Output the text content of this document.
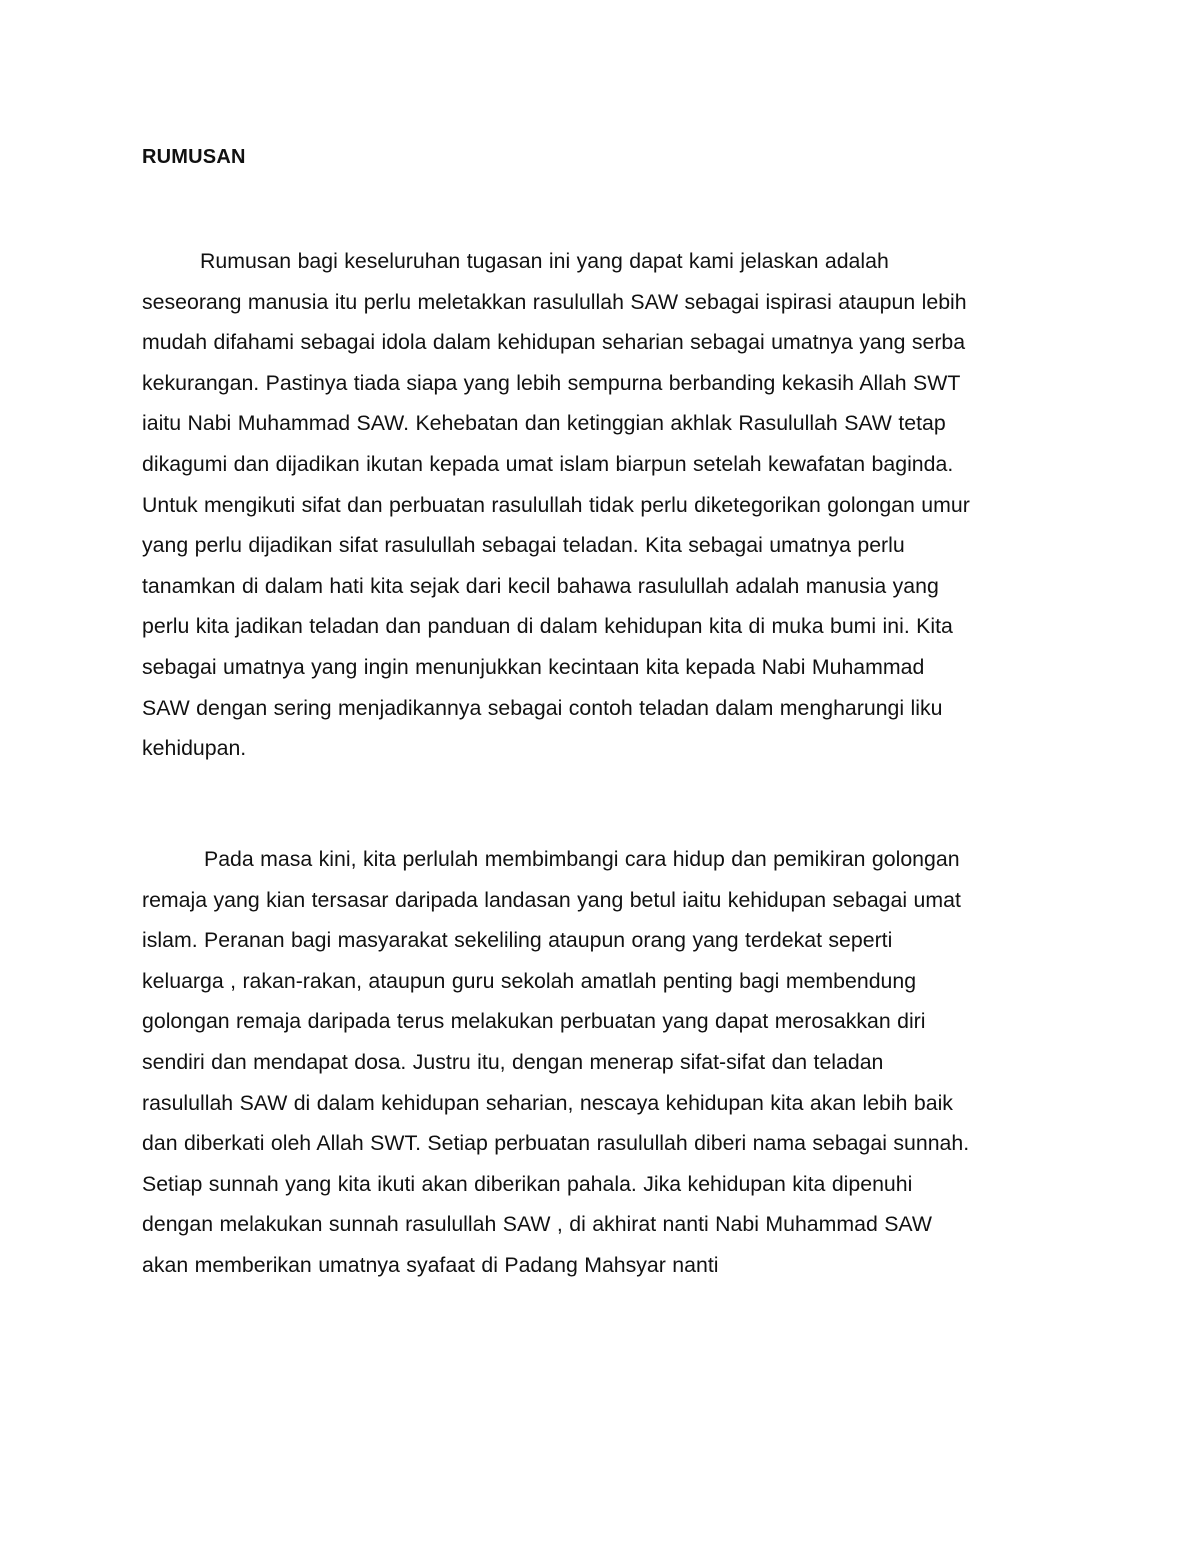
RUMUSAN

Rumusan bagi keseluruhan tugasan ini yang dapat kami jelaskan adalah
seseorang manusia itu perlu meletakkan rasulullah SAW sebagai ispirasi ataupun lebih
mudah difahami sebagai idola dalam kehidupan seharian sebagai umatnya yang serba
kekurangan. Pastinya tiada siapa yang lebih sempurna berbanding kekasih Allah SWT
iaitu Nabi Muhammad SAW. Kehebatan dan ketinggian akhlak Rasulullah SAW tetap
dikagumi dan dijadikan ikutan kepada umat islam biarpun setelah kewafatan baginda.
Untuk mengikuti sifat dan perbuatan rasulullah tidak perlu diketegorikan golongan umur
yang perlu dijadikan sifat rasulullah sebagai teladan. Kita sebagai umatnya perlu
tanamkan di dalam hati kita sejak dari kecil bahawa rasulullah adalah manusia yang
perlu kita jadikan teladan dan panduan di dalam kehidupan kita di muka bumi ini. Kita
sebagai umatnya yang ingin menunjukkan kecintaan kita kepada Nabi Muhammad
SAW dengan sering menjadikannya sebagai contoh teladan dalam mengharungi liku
kehidupan.

Pada masa kini, kita perlulah membimbangi cara hidup dan pemikiran golongan
remaja yang kian tersasar daripada landasan yang betul iaitu kehidupan sebagai umat
islam. Peranan bagi masyarakat sekeliling ataupun orang yang terdekat seperti
keluarga , rakan-rakan, ataupun guru sekolah amatlah penting bagi membendung
golongan remaja daripada terus melakukan perbuatan yang dapat merosakkan diri
sendiri dan mendapat dosa. Justru itu, dengan menerap sifat-sifat dan teladan
rasulullah SAW di dalam kehidupan seharian, nescaya kehidupan kita akan lebih baik
dan diberkati oleh Allah SWT. Setiap perbuatan rasulullah diberi nama sebagai sunnah.
Setiap sunnah yang kita ikuti akan diberikan pahala. Jika kehidupan kita dipenuhi
dengan melakukan sunnah rasulullah SAW , di akhirat nanti Nabi Muhammad SAW
akan memberikan umatnya syafaat di Padang Mahsyar nanti
